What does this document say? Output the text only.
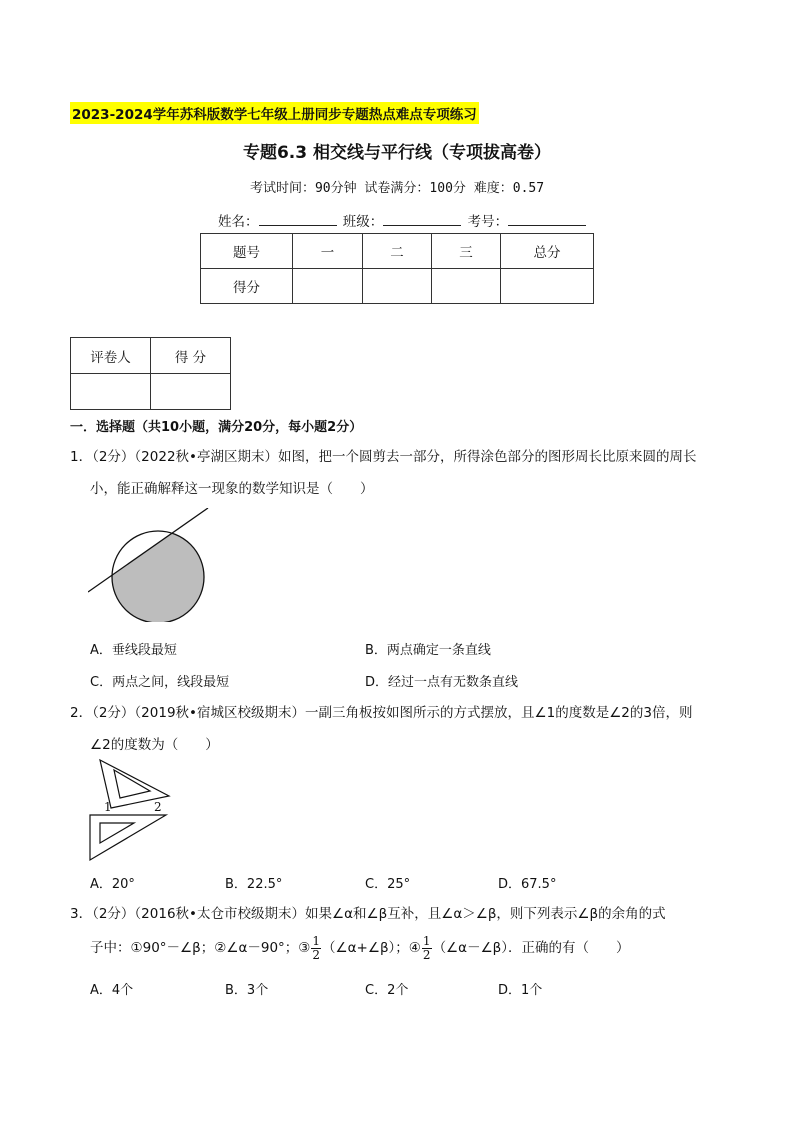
2023-2024学年苏科版数学七年级上册同步专题热点难点专项练习
专题6.3 相交线与平行线（专项拔高卷）
考试时间：90分钟 试卷满分：100分 难度：0.57
姓名：	班级：	考号：
题号	一	二	三	总分
得分				
评卷人	得 分

一．选择题（共10小题，满分20分，每小题2分）
1．（2分）（2022秋•亭湖区期末）如图，把一个圆剪去一部分，所得涂色部分的图形周长比原来圆的周长
小，能正确解释这一现象的数学知识是（　　）
A．垂线段最短	B．两点确定一条直线
C．两点之间，线段最短	D．经过一点有无数条直线
2．（2分）（2019秋•宿城区校级期末）一副三角板按如图所示的方式摆放，且∠1的度数是∠2的3倍，则
∠2的度数为（　　）
1	2
A．20°	B．22.5°	C．25°	D．67.5°
3．（2分）（2016秋•太仓市校级期末）如果∠α和∠β互补，且∠α＞∠β，则下列表示∠β的余角的式
子中：①90°－∠β；②∠α－90°；③ $\frac{1}{2}$ （∠α+∠β）；④ $\frac{1}{2}$ （∠α－∠β）．正确的有（　　）
A．4个	B．3个	C．2个	D．1个
